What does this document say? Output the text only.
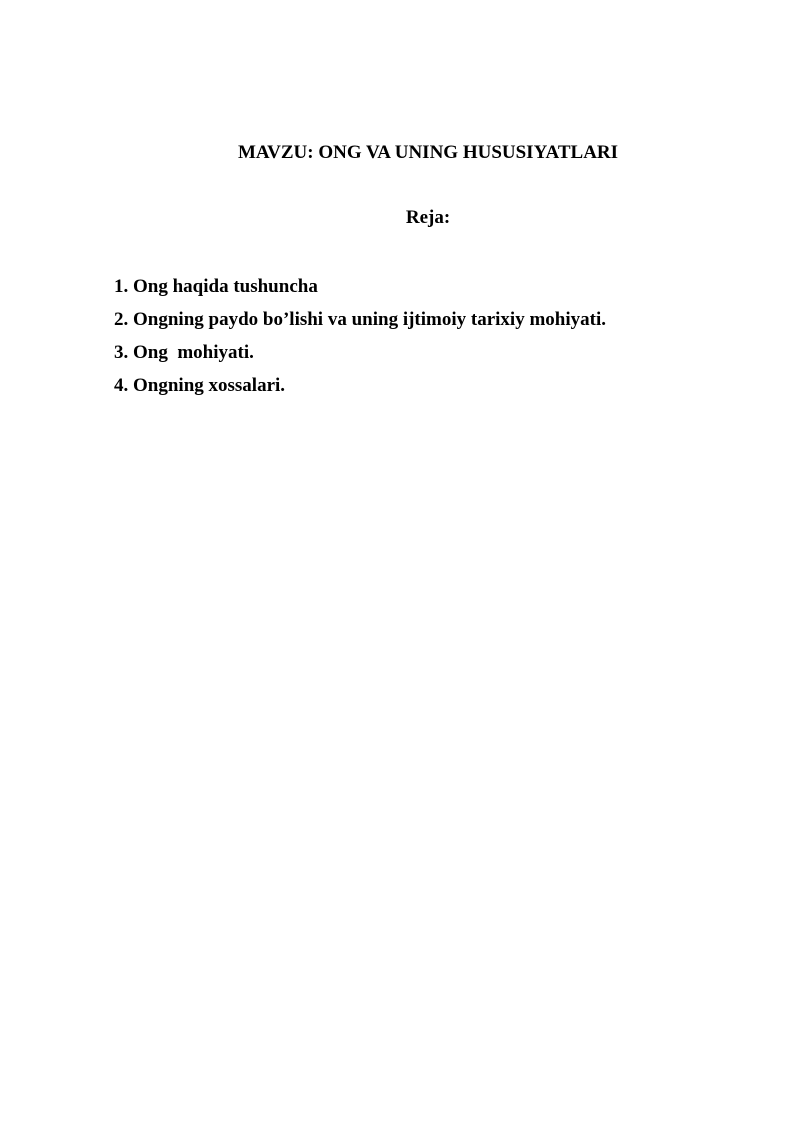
MAVZU: ONG VA UNING HUSUSIYATLARI
Reja:
1. Ong haqida tushuncha
2. Ongning paydo bo’lishi va uning ijtimoiy tarixiy mohiyati.
3. Ong  mohiyati.
4. Ongning xossalari.
